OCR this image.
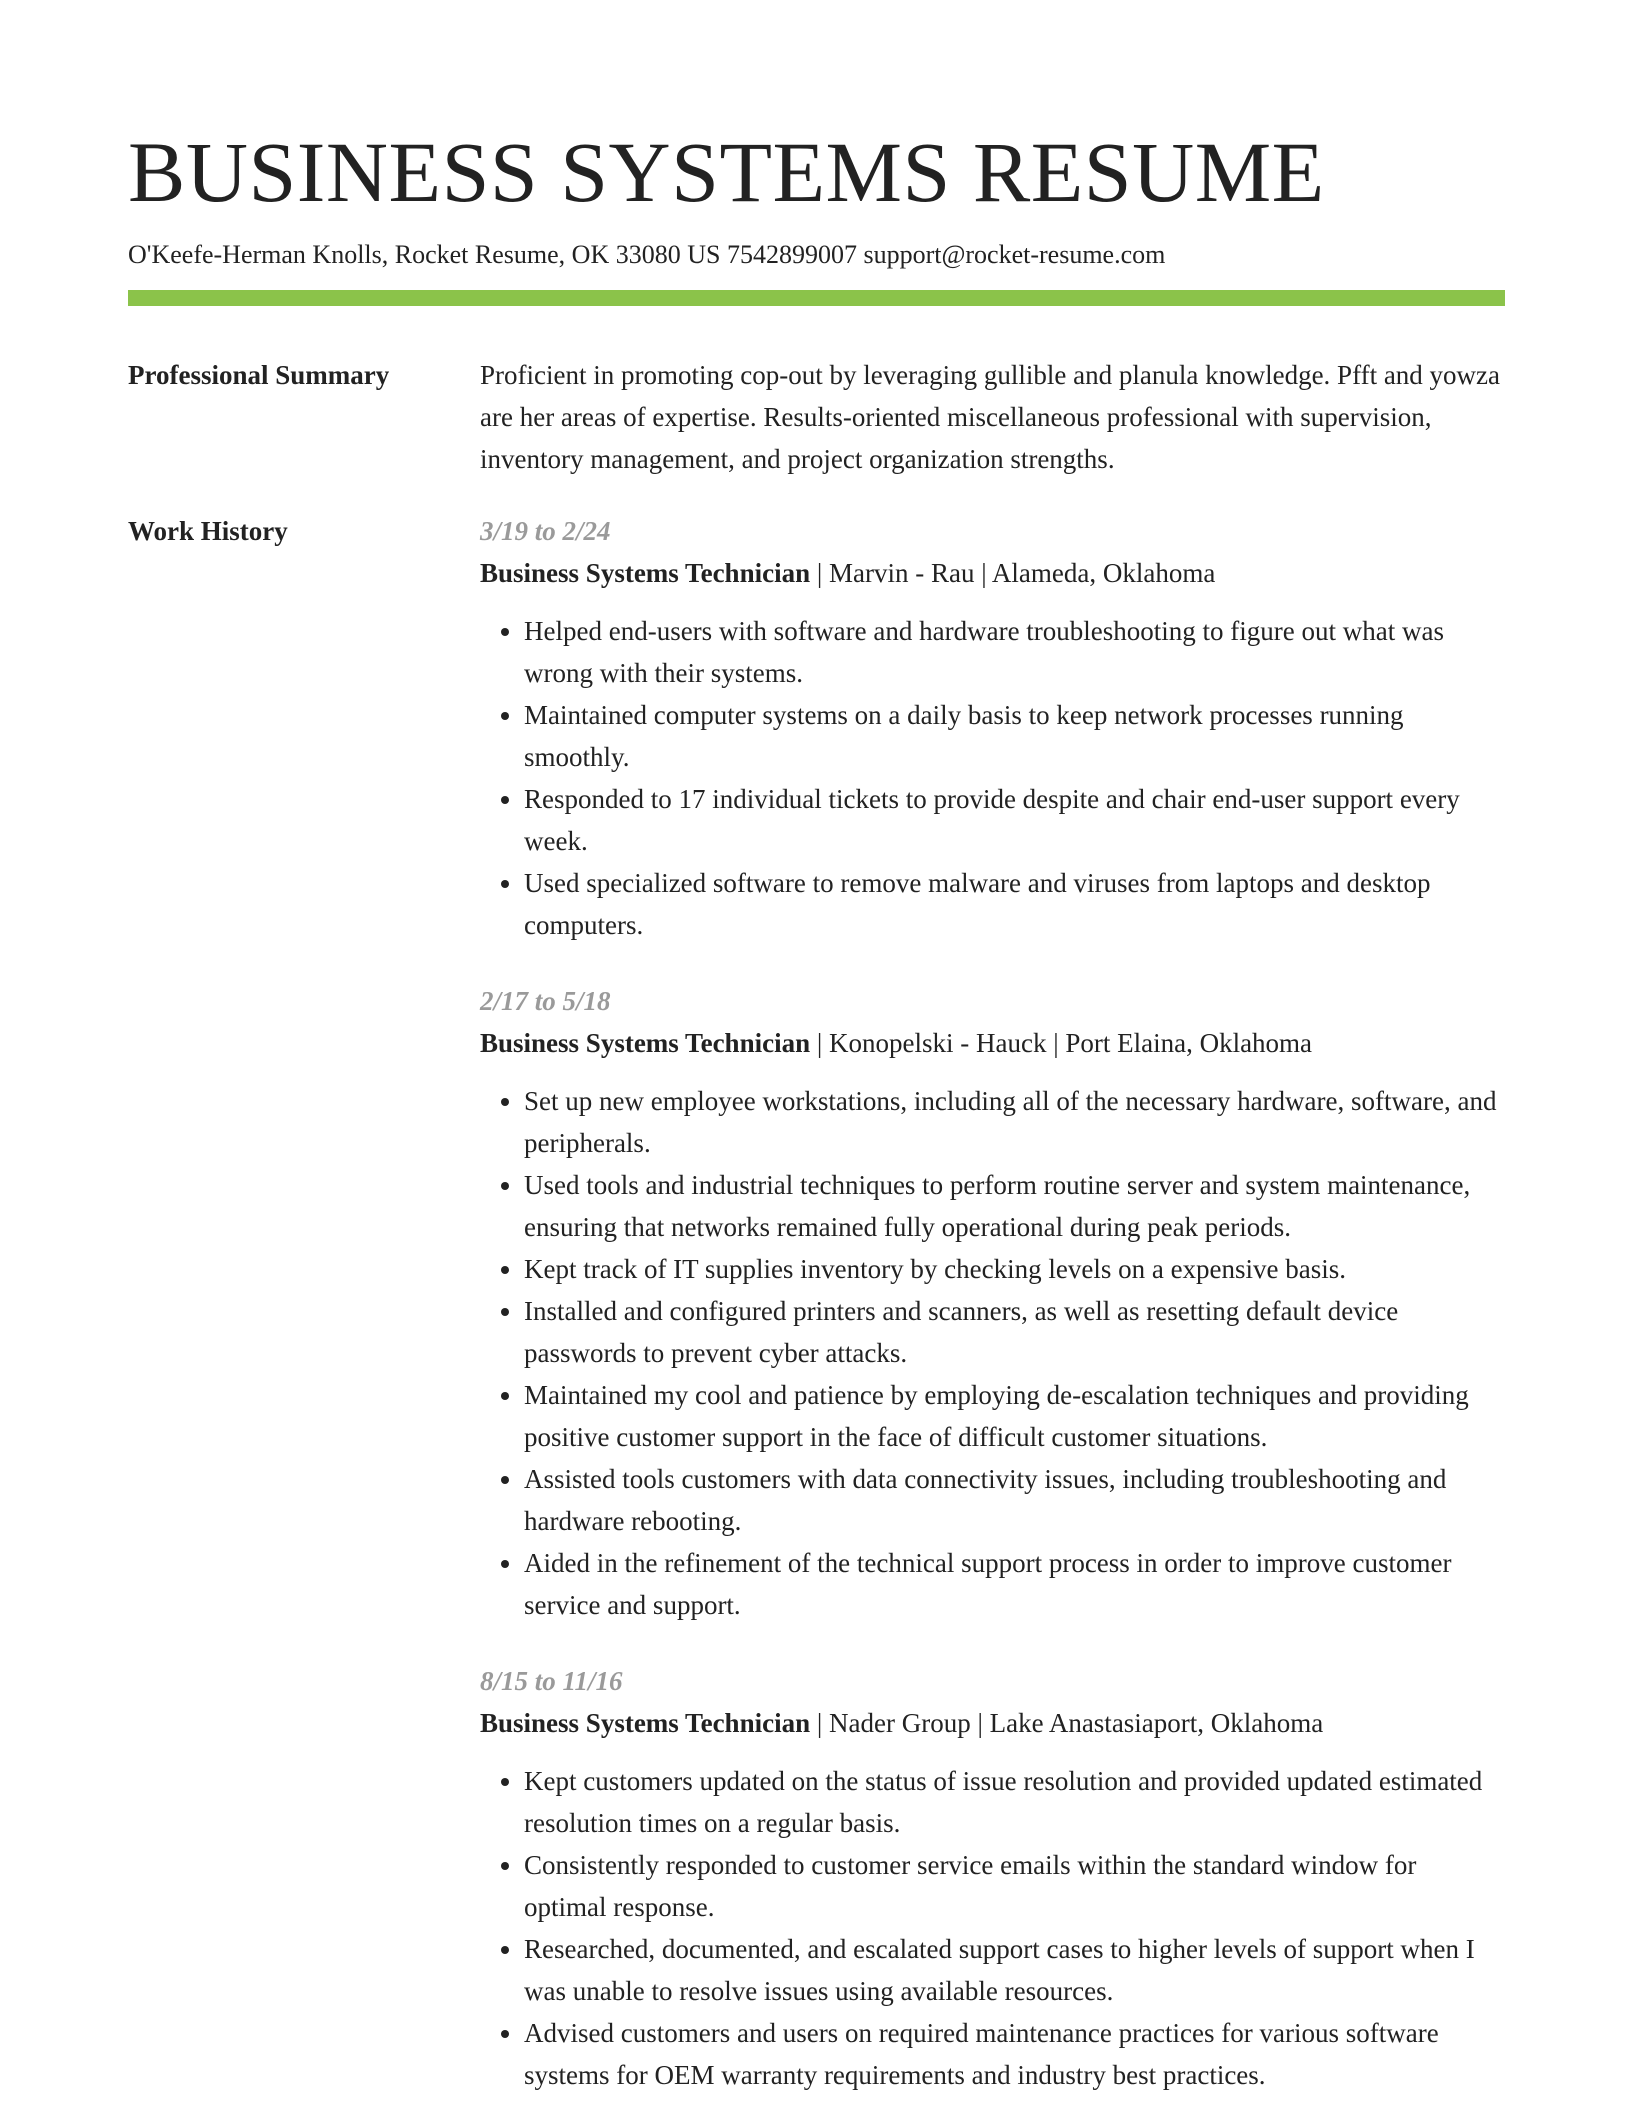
BUSINESS SYSTEMS RESUME
O'Keefe-Herman Knolls, Rocket Resume, OK 33080 US 7542899007 support@rocket-resume.com
Professional Summary	Proficient in promoting cop-out by leveraging gullible and planula knowledge. Pfft and yowza are her areas of expertise. Results-oriented miscellaneous professional with supervision, inventory management, and project organization strengths.
Work History	3/19 to 2/24
Business Systems Technician | Marvin - Rau | Alameda, Oklahoma
• Helped end-users with software and hardware troubleshooting to figure out what was wrong with their systems.
• Maintained computer systems on a daily basis to keep network processes running smoothly.
• Responded to 17 individual tickets to provide despite and chair end-user support every week.
• Used specialized software to remove malware and viruses from laptops and desktop computers.
2/17 to 5/18
Business Systems Technician | Konopelski - Hauck | Port Elaina, Oklahoma
• Set up new employee workstations, including all of the necessary hardware, software, and peripherals.
• Used tools and industrial techniques to perform routine server and system maintenance, ensuring that networks remained fully operational during peak periods.
• Kept track of IT supplies inventory by checking levels on a expensive basis.
• Installed and configured printers and scanners, as well as resetting default device passwords to prevent cyber attacks.
• Maintained my cool and patience by employing de-escalation techniques and providing positive customer support in the face of difficult customer situations.
• Assisted tools customers with data connectivity issues, including troubleshooting and hardware rebooting.
• Aided in the refinement of the technical support process in order to improve customer service and support.
8/15 to 11/16
Business Systems Technician | Nader Group | Lake Anastasiaport, Oklahoma
• Kept customers updated on the status of issue resolution and provided updated estimated resolution times on a regular basis.
• Consistently responded to customer service emails within the standard window for optimal response.
• Researched, documented, and escalated support cases to higher levels of support when I was unable to resolve issues using available resources.
• Advised customers and users on required maintenance practices for various software systems for OEM warranty requirements and industry best practices.
